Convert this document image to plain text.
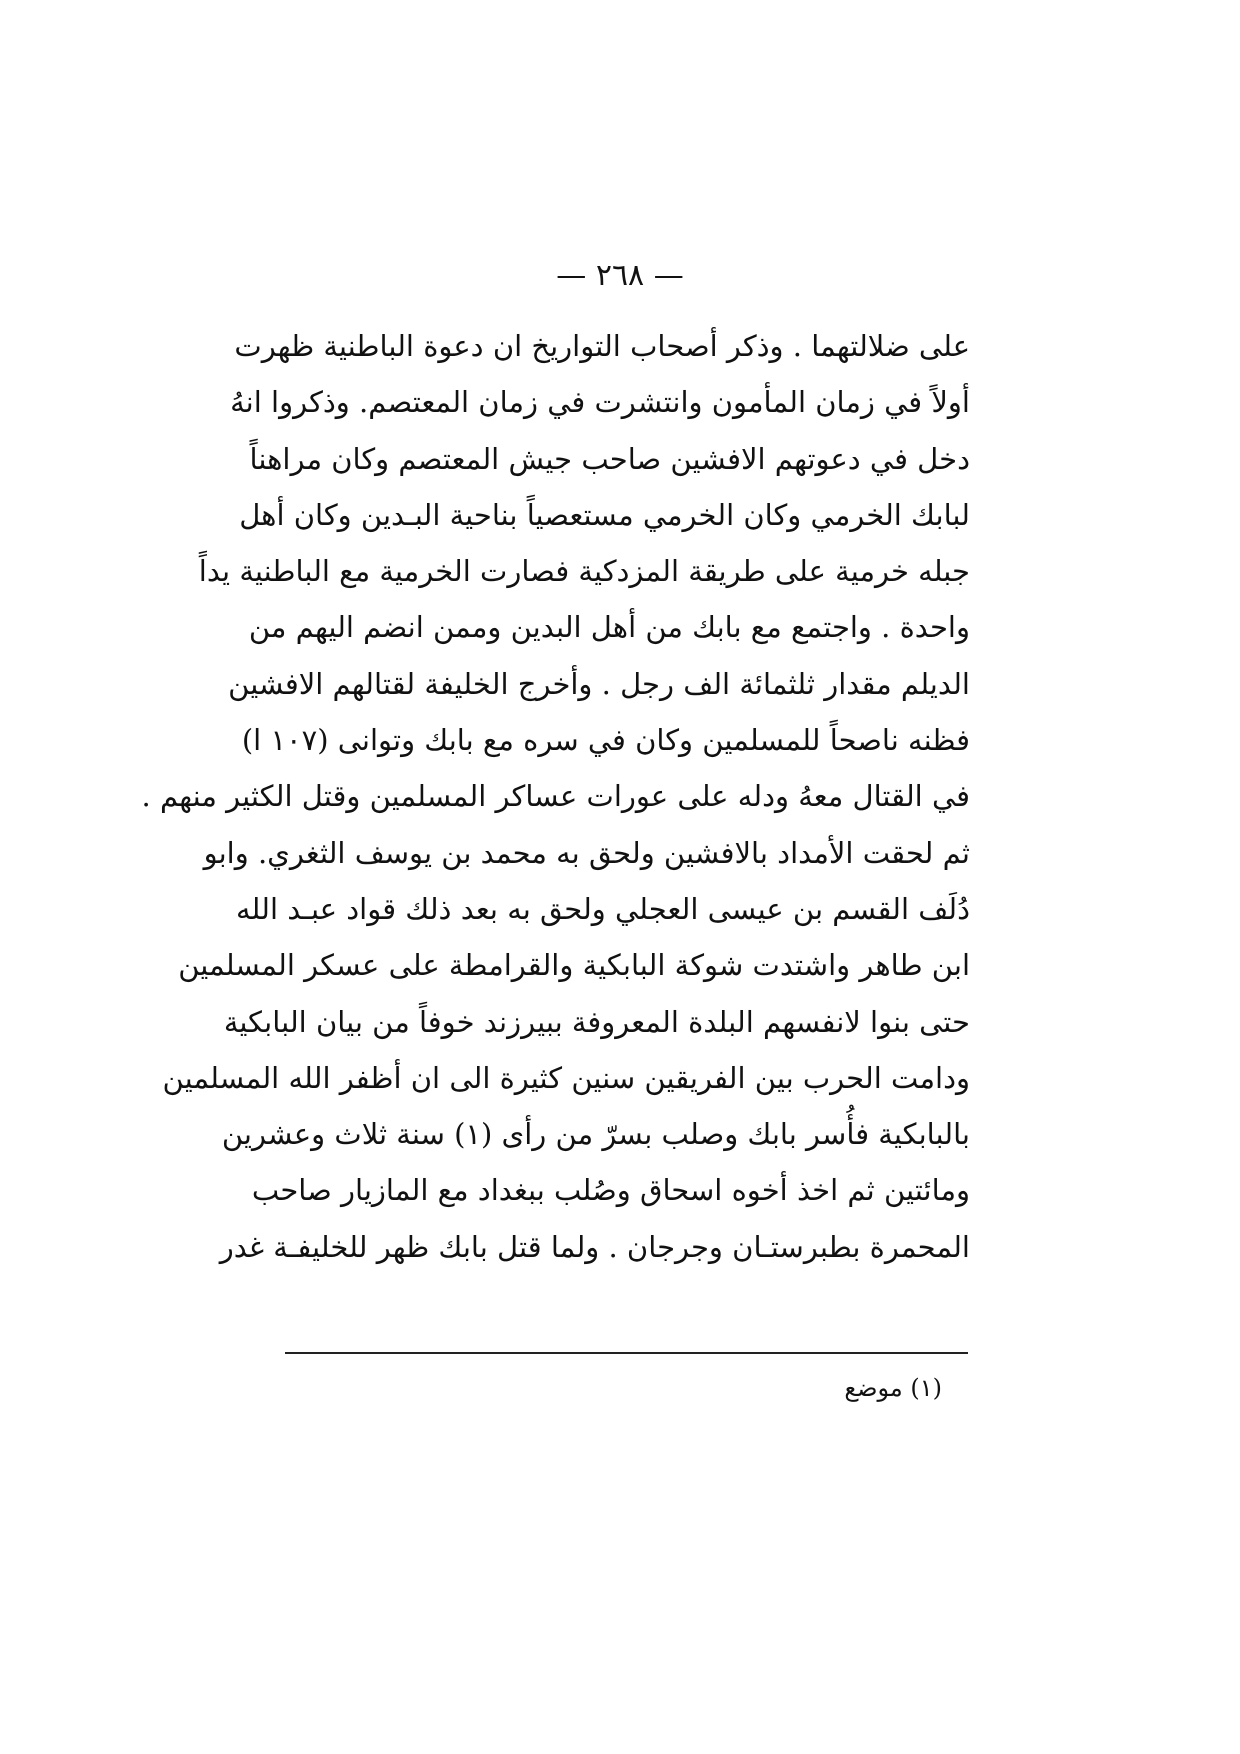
— ٢٦٨ —
على ضلالتهما . وذكر أصحاب التواريخ ان دعوة الباطنية ظهرت
أولاً في زمان المأمون وانتشرت في زمان المعتصم. وذكروا انهُ
دخل في دعوتهم الافشين صاحب جيش المعتصم وكان مراهناً
لبابك الخرمي وكان الخرمي مستعصياً بناحية البـدين وكان أهل
جبله خرمية على طريقة المزدكية فصارت الخرمية مع الباطنية يداً
واحدة . واجتمع مع بابك من أهل البدين وممن انضم اليهم من
الديلم مقدار ثلثمائة الف رجل . وأخرج الخليفة لقتالهم الافشين
فظنه ناصحاً للمسلمين وكان في سره مع بابك وتوانى (١٠٧ ا)
في القتال معهُ ودله على عورات عساكر المسلمين وقتل الكثير منهم .
ثم لحقت الأمداد بالافشين ولحق به محمد بن يوسف الثغري. وابو
دُلَف القسم بن عيسى العجلي ولحق به بعد ذلك قواد عبـد الله
ابن طاهر واشتدت شوكة البابكية والقرامطة على عسكر المسلمين
حتى بنوا لانفسهم البلدة المعروفة ببيرزند خوفاً من بيان البابكية
ودامت الحرب بين الفريقين سنين كثيرة الى ان أظفر الله المسلمين
بالبابكية فأُسر بابك وصلب بسرّ من رأى (١) سنة ثلاث وعشرين
ومائتين ثم اخذ أخوه اسحاق وصُلب ببغداد مع المازيار صاحب
المحمرة بطبرستـان وجرجان . ولما قتل بابك ظهر للخليفـة غدر
(١) موضع
